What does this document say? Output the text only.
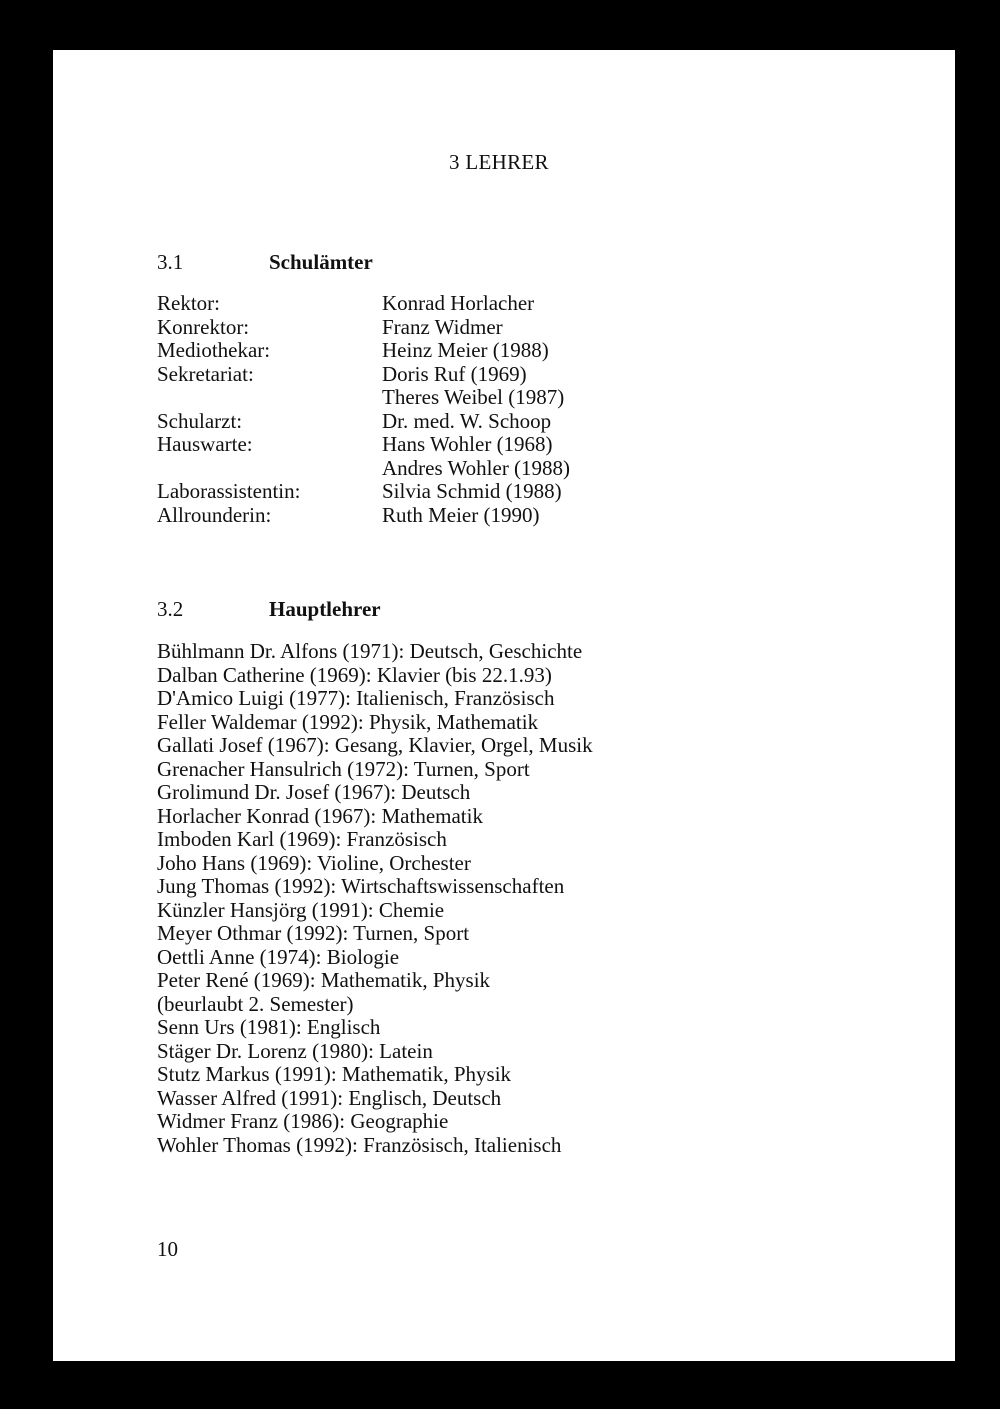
3 LEHRER
3.1	Schulämter
Rektor:	Konrad Horlacher
Konrektor:	Franz Widmer
Mediothekar:	Heinz Meier (1988)
Sekretariat:	Doris Ruf (1969)
Theres Weibel (1987)
Schularzt:	Dr. med. W. Schoop
Hauswarte:	Hans Wohler (1968)
Andres Wohler (1988)
Laborassistentin:	Silvia Schmid (1988)
Allrounderin:	Ruth Meier (1990)
3.2	Hauptlehrer
Bühlmann Dr. Alfons (1971): Deutsch, Geschichte
Dalban Catherine (1969): Klavier (bis 22.1.93)
D'Amico Luigi (1977): Italienisch, Französisch
Feller Waldemar (1992): Physik, Mathematik
Gallati Josef (1967): Gesang, Klavier, Orgel, Musik
Grenacher Hansulrich (1972): Turnen, Sport
Grolimund Dr. Josef (1967): Deutsch
Horlacher Konrad (1967): Mathematik
Imboden Karl (1969): Französisch
Joho Hans (1969): Violine, Orchester
Jung Thomas (1992): Wirtschaftswissenschaften
Künzler Hansjörg (1991): Chemie
Meyer Othmar (1992): Turnen, Sport
Oettli Anne (1974): Biologie
Peter René (1969): Mathematik, Physik
(beurlaubt 2. Semester)
Senn Urs (1981): Englisch
Stäger Dr. Lorenz (1980): Latein
Stutz Markus (1991): Mathematik, Physik
Wasser Alfred (1991): Englisch, Deutsch
Widmer Franz (1986): Geographie
Wohler Thomas (1992): Französisch, Italienisch

10
